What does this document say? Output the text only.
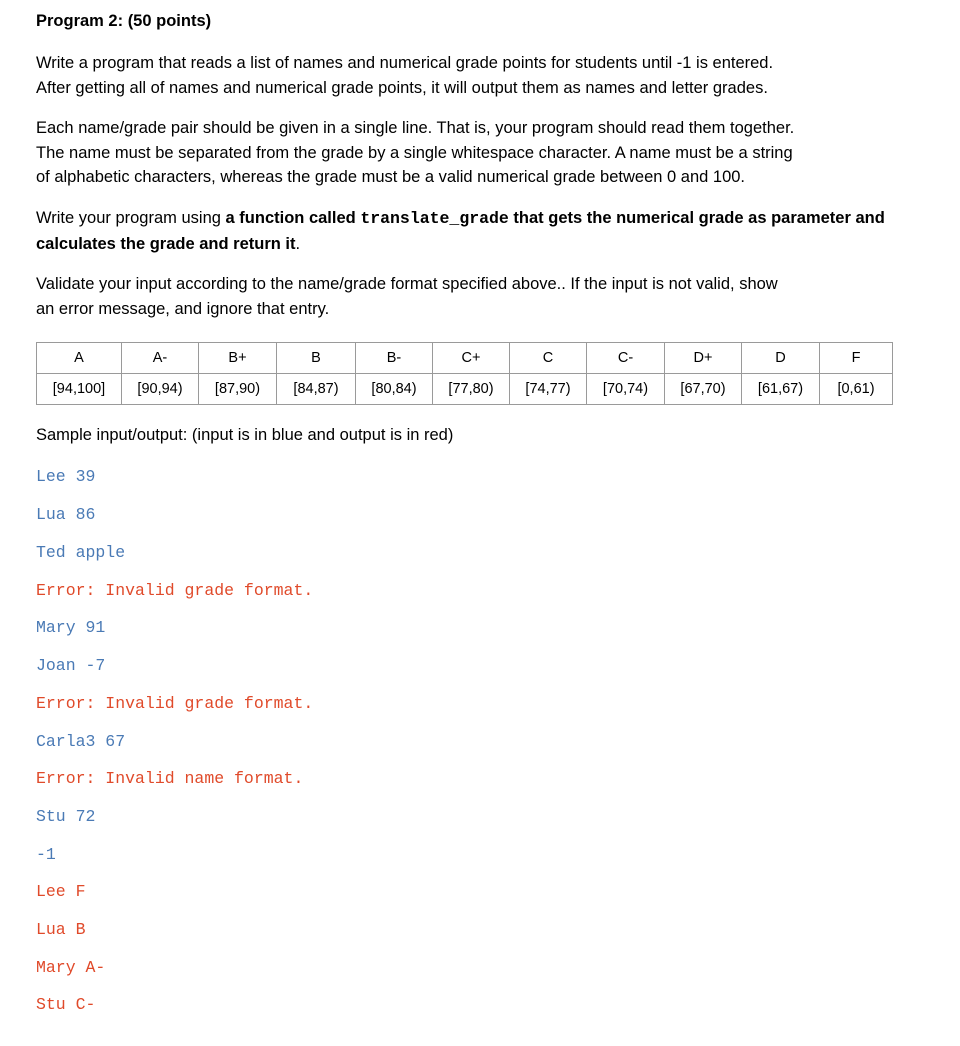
Program 2: (50 points)

Write a program that reads a list of names and numerical grade points for students until -1 is entered.
After getting all of names and numerical grade points, it will output them as names and letter grades.
Each name/grade pair should be given in a single line. That is, your program should read them together.
The name must be separated from the grade by a single whitespace character. A name must be a string
of alphabetic characters, whereas the grade must be a valid numerical grade between 0 and 100.
Write your program using a function called translate_grade that gets the numerical grade as parameter and calculates the grade and return it.
Validate your input according to the name/grade format specified above.. If the input is not valid, show
an error message, and ignore that entry.
A	A-	B+	B	B-	C+	C	C-	D+	D	F
[94,100]	[90,94)	[87,90)	[84,87)	[80,84)	[77,80)	[74,77)	[70,74)	[67,70)	[61,67)	[0,61)

Sample input/output: (input is in blue and output is in red)

Lee 39
Lua 86
Ted apple
Error: Invalid grade format.
Mary 91
Joan -7
Error: Invalid grade format.
Carla3 67
Error: Invalid name format.
Stu 72
-1
Lee F
Lua B
Mary A-
Stu C-
